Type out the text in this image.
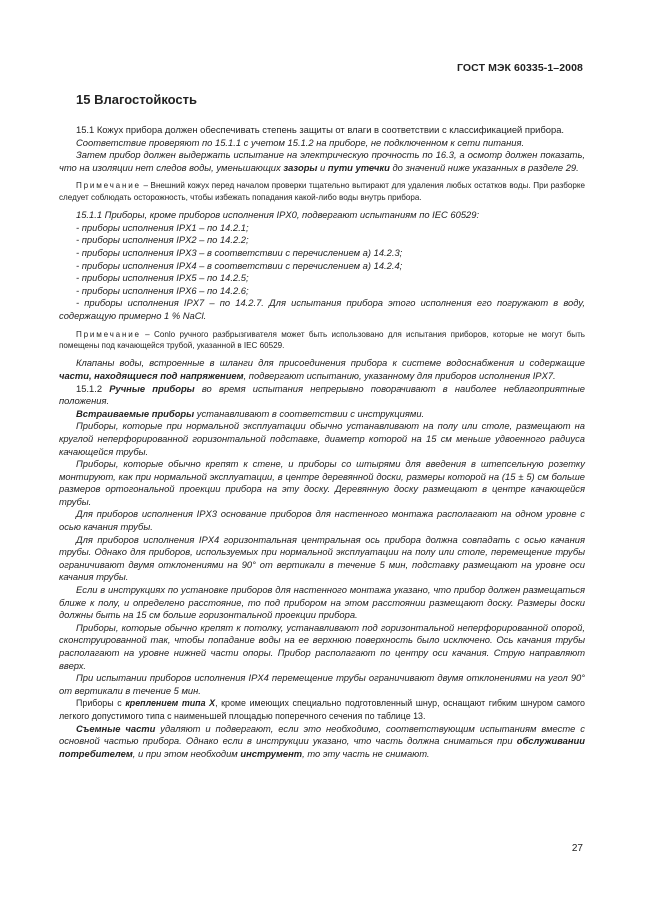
ГОСТ МЭК 60335-1–2008
15 Влагостойкость

15.1 Кожух прибора должен обеспечивать степень защиты от влаги в соответствии с классификацией прибора.

Соответствие проверяют по 15.1.1 с учетом 15.1.2 на приборе, не подключенном к сети питания.

Затем прибор должен выдержать испытание на электрическую прочность по 16.3, а осмотр должен показать, что на изоляции нет следов воды, уменьшающих зазоры и пути утечки до значений ниже указанных в разделе 29.

Примечание – Внешний кожух перед началом проверки тщательно вытирают для удаления любых остатков воды. При разборке следует соблюдать осторожность, чтобы избежать попадания какой-либо воды внутрь прибора.

15.1.1 Приборы, кроме приборов исполнения IPX0, подвергают испытаниям по IEC 60529:

- приборы исполнения IPX1 – по 14.2.1;

- приборы исполнения IPX2 – по 14.2.2;

- приборы исполнения IPX3 – в соответствии с перечислением a) 14.2.3;

- приборы исполнения IPX4 – в соответствии с перечислением a) 14.2.4;

- приборы исполнения IPX5 – по 14.2.5;

- приборы исполнения IPX6 – по 14.2.6;

- приборы исполнения IPX7 – по 14.2.7. Для испытания прибора этого исполнения его погружают в воду, содержащую примерно 1 % NaCl.

Примечание – Conlo ручного разбрызгивателя может быть использовано для испытания приборов, которые не могут быть помещены под качающейся трубой, указанной в IEC 60529.

Клапаны воды, встроенные в шланги для присоединения прибора к системе водоснабжения и содержащие части, находящиеся под напряжением, подвергают испытанию, указанному для приборов исполнения IPX7.

15.1.2 Ручные приборы во время испытания непрерывно поворачивают в наиболее неблагоприятные положения.

Встраиваемые приборы устанавливают в соответствии с инструкциями.

Приборы, которые при нормальной эксплуатации обычно устанавливают на полу или столе, размещают на круглой неперфорированной горизонтальной подставке, диаметр которой на 15 см меньше удвоенного радиуса качающейся трубы.

Приборы, которые обычно крепят к стене, и приборы со штырями для введения в штепсельную розетку монтируют, как при нормальной эксплуатации, в центре деревянной доски, размеры которой на (15 ± 5) см больше размеров ортогональной проекции прибора на эту доску. Деревянную доску размещают в центре качающейся трубы.

Для приборов исполнения IPX3 основание приборов для настенного монтажа располагают на одном уровне с осью качания трубы.

Для приборов исполнения IPX4 горизонтальная центральная ось прибора должна совпадать с осью качания трубы. Однако для приборов, используемых при нормальной эксплуатации на полу или столе, перемещение трубы ограничивают двумя отклонениями на 90° от вертикали в течение 5 мин, подставку размещают на уровне оси качания трубы.

Если в инструкциях по установке приборов для настенного монтажа указано, что прибор должен размещаться ближе к полу, и определено расстояние, то под прибором на этом расстоянии размещают доску. Размеры доски должны быть на 15 см больше горизонтальной проекции прибора.

Приборы, которые обычно крепят к потолку, устанавливают под горизонтальной неперфорированной опорой, сконструированной так, чтобы попадание воды на ее верхнюю поверхность было исключено. Ось качания трубы располагают на уровне нижней части опоры. Прибор располагают по центру оси качания. Струю направляют вверх.

При испытании приборов исполнения IPX4 перемещение трубы ограничивают двумя отклонениями на угол 90° от вертикали в течение 5 мин.

Приборы с креплением типа X, кроме имеющих специально подготовленный шнур, оснащают гибким шнуром самого легкого допустимого типа с наименьшей площадью поперечного сечения по таблице 13.

Съемные части удаляют и подвергают, если это необходимо, соответствующим испытаниям вместе с основной частью прибора. Однако если в инструкции указано, что часть должна сниматься при обслуживании потребителем, и при этом необходим инструмент, то эту часть не снимают.

27
